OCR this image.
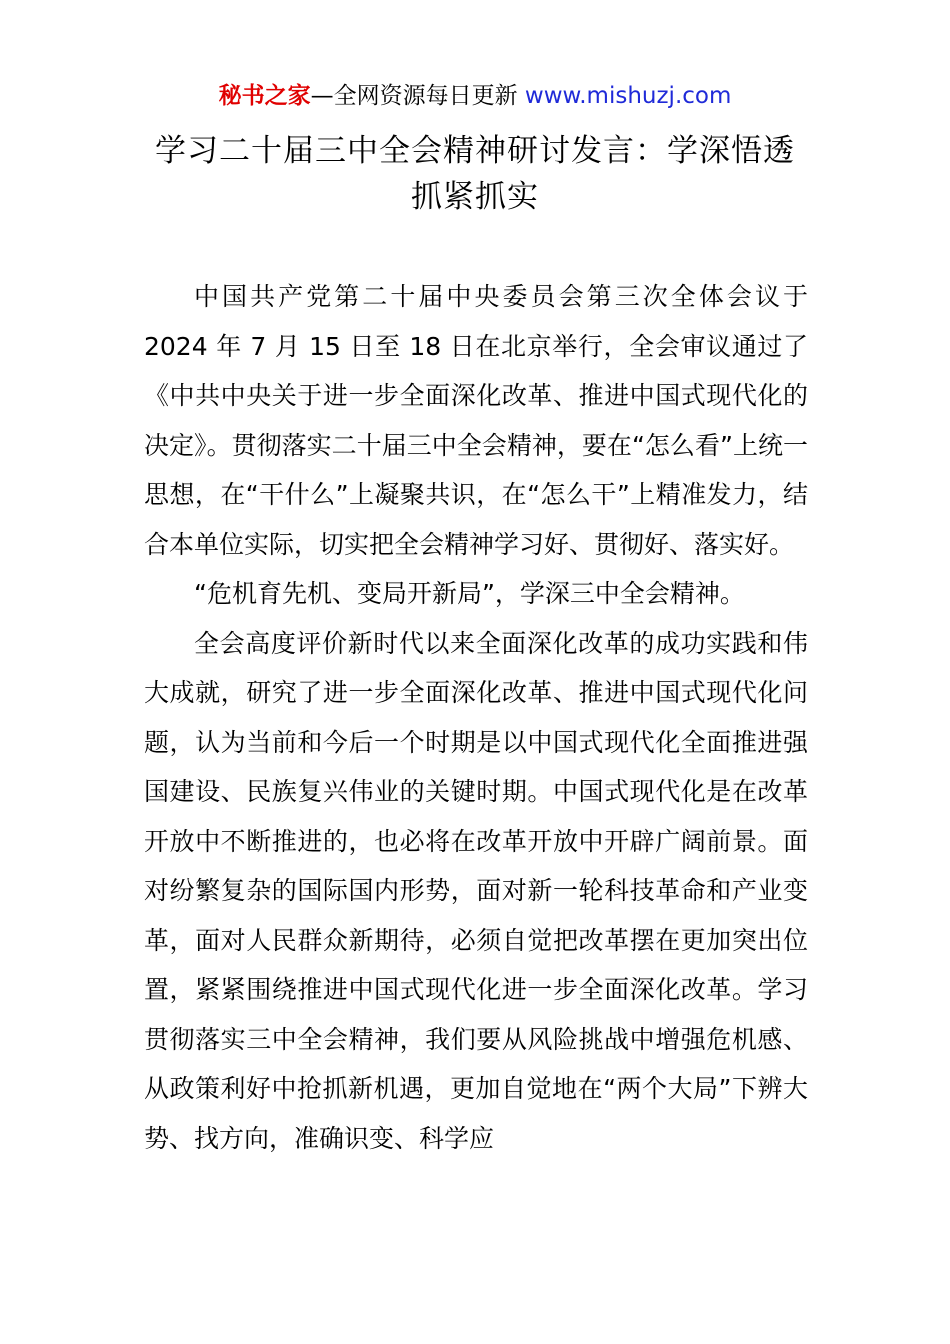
秘书之家—全网资源每日更新 www.mishuzj.com
学习二十届三中全会精神研讨发言：学深悟透
抓紧抓实

中国共产党第二十届中央委员会第三次全体会议于 2024 年 7 月 15 日至 18 日在北京举行，全会审议通过了《中共中央关于进一步全面深化改革、推进中国式现代化的决定》。贯彻落实二十届三中全会精神，要在“怎么看”上统一思想，在“干什么”上凝聚共识，在“怎么干”上精准发力，结合本单位实际，切实把全会精神学习好、贯彻好、落实好。

“危机育先机、变局开新局”，学深三中全会精神。

全会高度评价新时代以来全面深化改革的成功实践和伟大成就，研究了进一步全面深化改革、推进中国式现代化问题，认为当前和今后一个时期是以中国式现代化全面推进强国建设、民族复兴伟业的关键时期。中国式现代化是在改革开放中不断推进的，也必将在改革开放中开辟广阔前景。面对纷繁复杂的国际国内形势，面对新一轮科技革命和产业变革，面对人民群众新期待，必须自觉把改革摆在更加突出位置，紧紧围绕推进中国式现代化进一步全面深化改革。学习贯彻落实三中全会精神，我们要从风险挑战中增强危机感、从政策利好中抢抓新机遇，更加自觉地在“两个大局”下辨大势、找方向，准确识变、科学应
